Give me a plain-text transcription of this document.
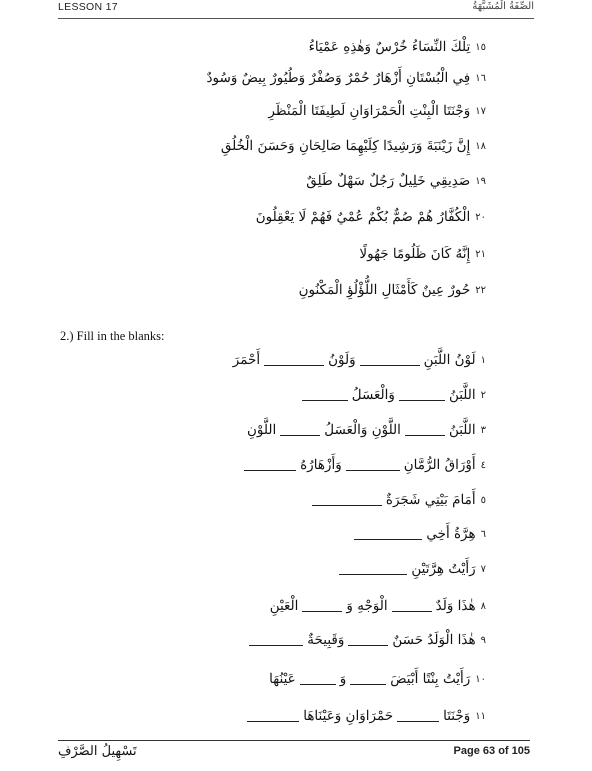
LESSON 17	الصِّفَةُ الْمُشَبَّهَةُ
١٥تِلْكَ النِّسَاءُ خُرْسٌ وَهٰذِهِ عَمْيَاءُ
١٦فِي الْبُسْتَانِ أَزْهَارٌ حُمْرٌ وَصُفْرٌ وَطُيُورٌ بِيضٌ وَسُودٌ
١٧وَجْنَتَا الْبِنْتِ الْحَمْرَاوَانِ لَطِيفَتَا الْمَنْظَرِ
١٨إِنَّ زَيْنَبَةَ وَرَشِيدًا كِلَيْهِمَا صَالِحَانِ وَحَسَنَ الْخُلُقِ
١٩صَدِيقِي خَلِيلٌ رَجُلٌ سَهْلٌ طَلِقٌ
٢٠الْكُفَّارُ هُمْ صُمٌّ بُكْمٌ عُمْيٌ فَهُمْ لَا يَعْقِلُونَ
٢١إِنَّهُ كَانَ ظَلُومًا جَهُولًا
٢٢حُورٌ عِينٌ كَأَمْثَالِ اللُّؤْلُؤِ الْمَكْنُونِ
2.) Fill in the blanks:
١لَوْنُ اللَّبَنِوَلَوْنُأَحْمَرَ
٢اللَّبَنُوَالْعَسَلُ
٣اللَّبَنُاللَّوْنِ وَالْعَسَلُاللَّوْنِ
٤أَوْرَاقُ الرُّمَّانِوَأَزْهَارُهُ
٥أَمَامَ بَيْتِي شَجَرَةٌ
٦هِرَّةُ أَخِي
٧رَأَيْتُ هِرَّتَيْنِ
٨هٰذَا وَلَدٌالْوَجْهِ وَالْعَيْنِ
٩هٰذَا الْوَلَدُ حَسَنٌوَقَبِيحَةٌ
١٠رَأَيْتُ بِنْتًا أَبْيَضَوَعَيْنُهَا
١١وَجْنَتَاحَمْرَاوَانِ وَعَيْنَاهَا
تَسْهِيلُ الصَّرْفِ	Page 63 of 105
